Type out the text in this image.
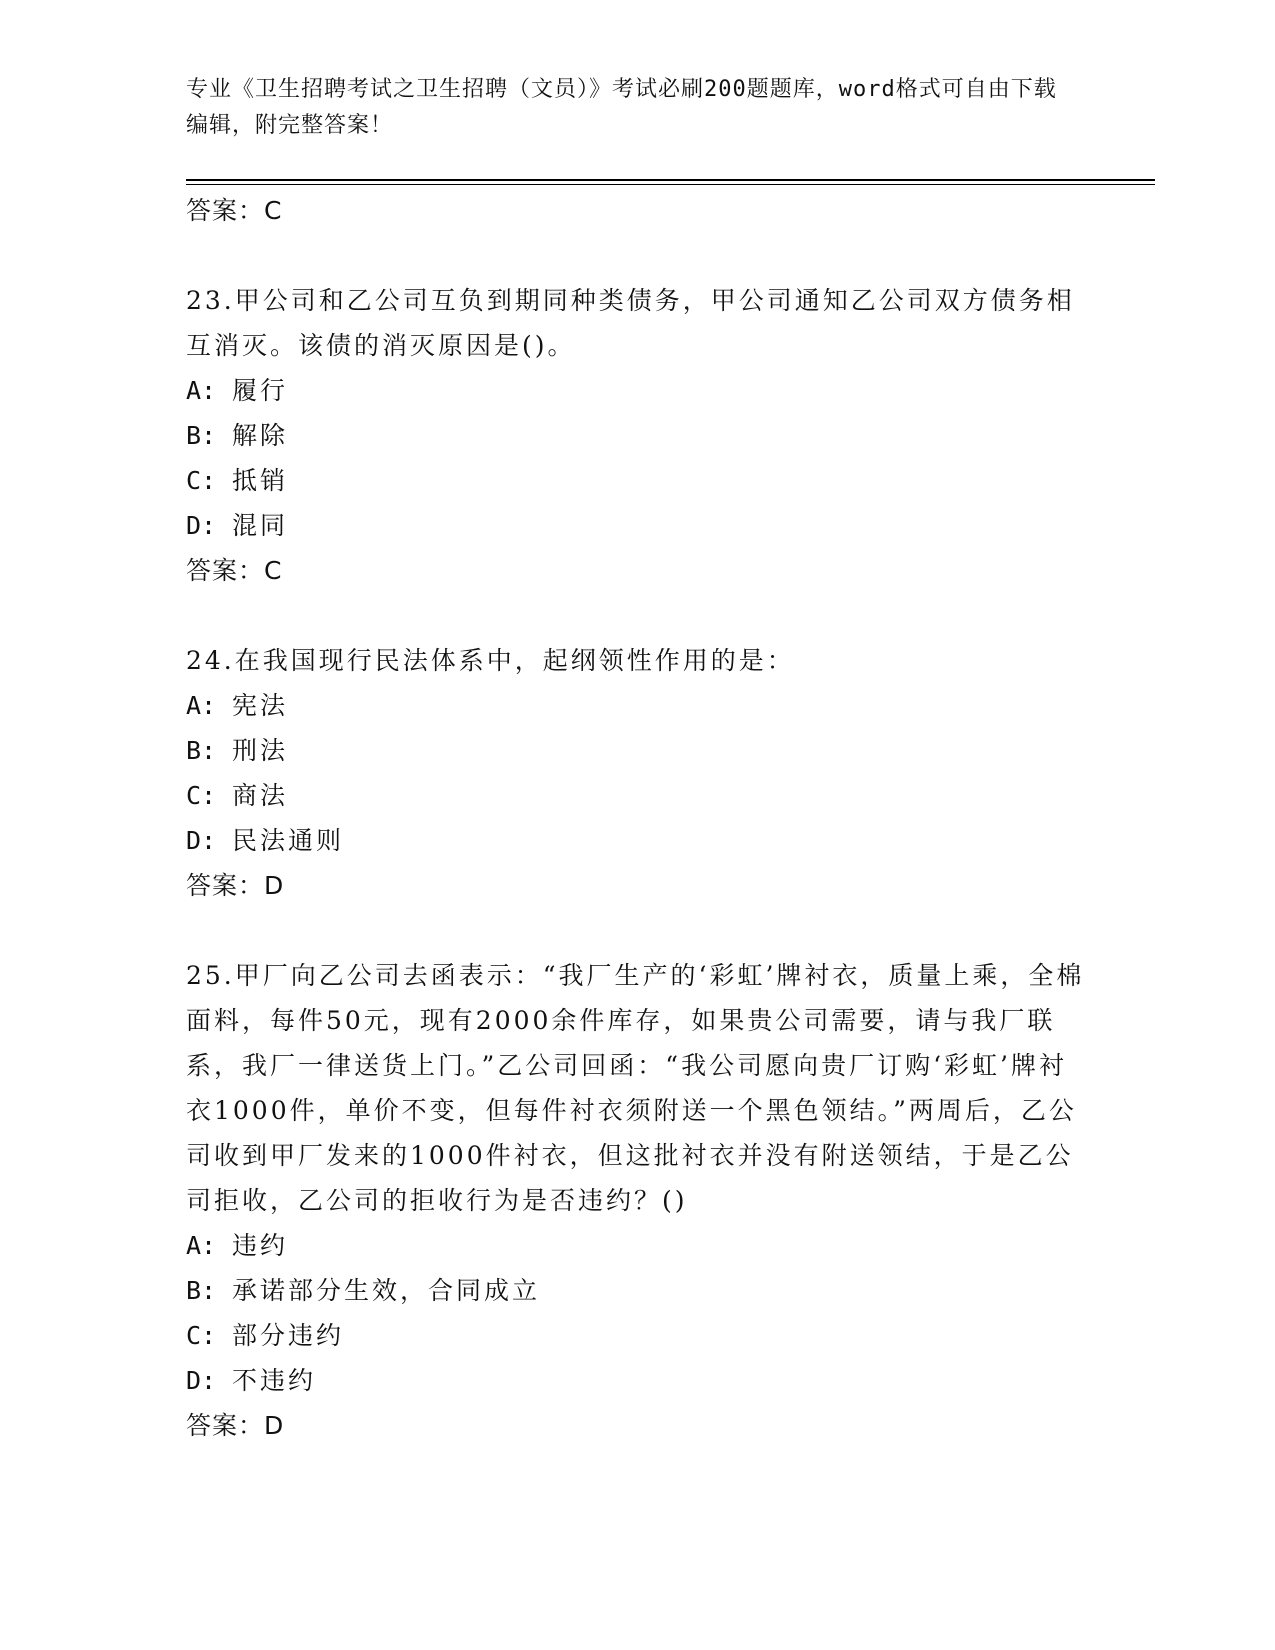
专业《卫生招聘考试之卫生招聘（文员）》考试必刷200题题库，word格式可自由下载编辑，附完整答案！
答案：C

23.甲公司和乙公司互负到期同种类债务，甲公司通知乙公司双方债务相互消灭。该债的消灭原因是()。

A: 履行

B: 解除

C: 抵销

D: 混同

答案：C

24.在我国现行民法体系中，起纲领性作用的是：

A: 宪法

B: 刑法

C: 商法

D: 民法通则

答案：D

25.甲厂向乙公司去函表示：“我厂生产的‘彩虹’牌衬衣，质量上乘，全棉面料，每件50元，现有2000余件库存，如果贵公司需要，请与我厂联系，我厂一律送货上门。”乙公司回函：“我公司愿向贵厂订购‘彩虹’牌衬衣1000件，单价不变，但每件衬衣须附送一个黑色领结。”两周后，乙公司收到甲厂发来的1000件衬衣，但这批衬衣并没有附送领结，于是乙公司拒收，乙公司的拒收行为是否违约？()

A: 违约

B: 承诺部分生效，合同成立

C: 部分违约

D: 不违约

答案：D
